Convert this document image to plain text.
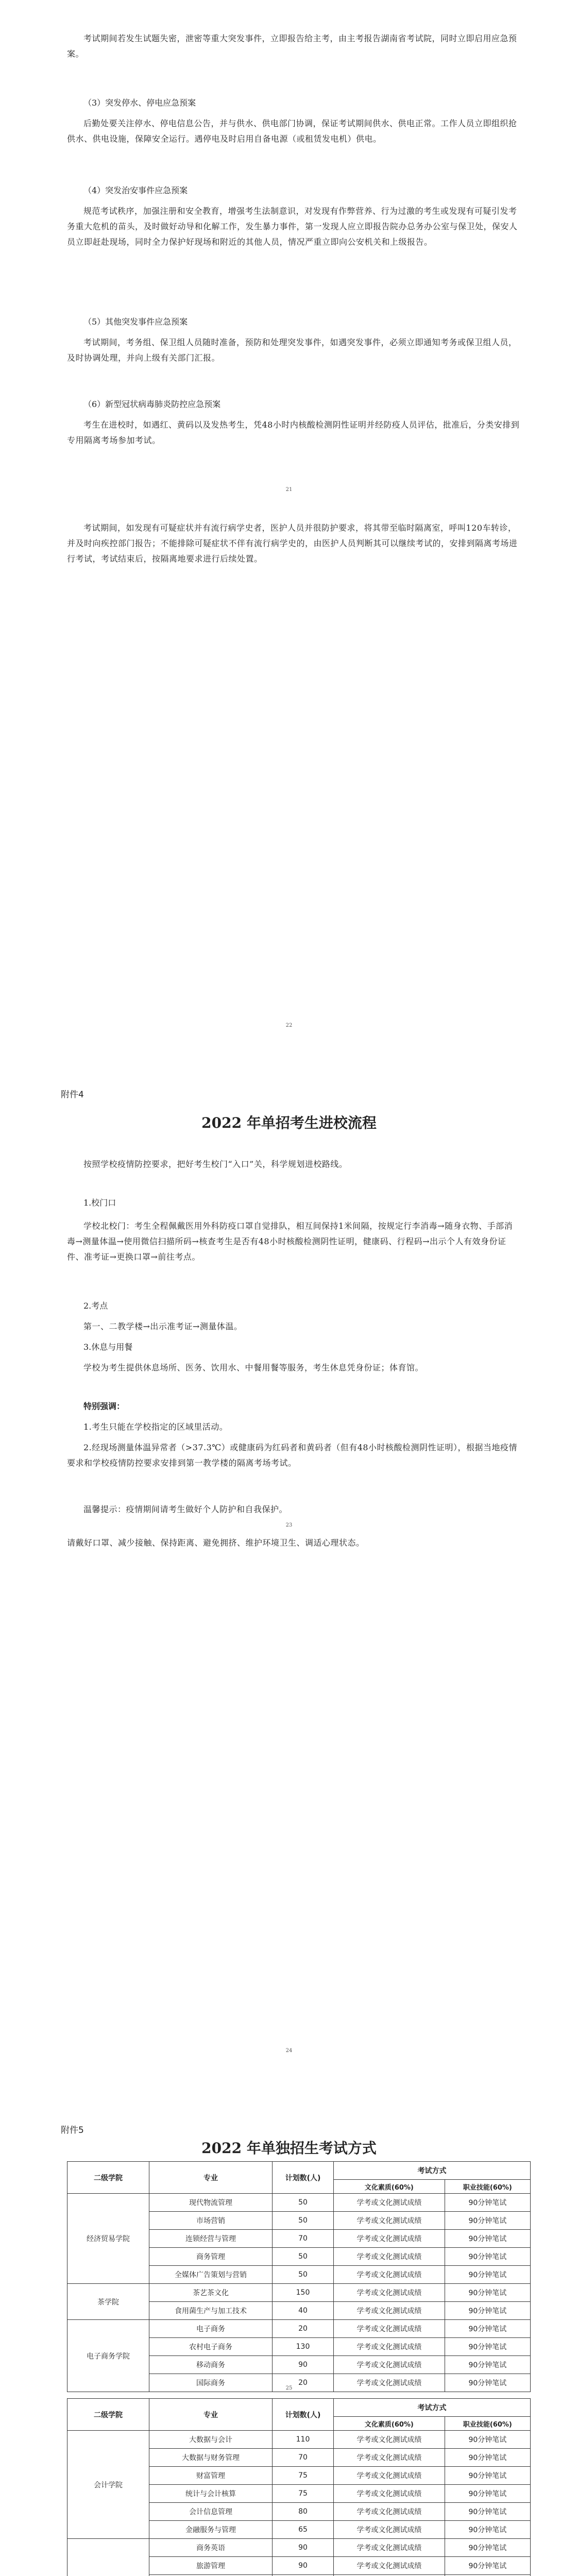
考试期间若发生试题失密，泄密等重大突发事件，立即报告给主考，由主考报告湖南省考试院，同时立即启用应急预案。

（3）突发停水、停电应急预案

后勤处要关注停水、停电信息公告，并与供水、供电部门协调，保证考试期间供水、供电正常。工作人员立即组织抢供水、供电设施，保障安全运行。遇停电及时启用自备电源（或租赁发电机）供电。

（4）突发治安事件应急预案

规范考试秩序，加强注册和安全教育，增强考生法制意识，对发现有作弊营养、行为过激的考生或发现有可疑引发考务重大危机的苗头，及时做好动导和化解工作，发生暴力事件，第一发现人应立即报告院办总务办公室与保卫处，保安人员立即赶赴现场，同时全力保护好现场和附近的其他人员，情况严重立即向公安机关和上级报告。

（5）其他突发事件应急预案

考试期间，考务组、保卫组人员随时准备，预防和处理突发事件，如遇突发事件，必须立即通知考务或保卫组人员，及时协调处理，并向上级有关部门汇报。

（6）新型冠状病毒肺炎防控应急预案

考生在进校时，如遇红、黄码以及发热考生，凭48小时内核酸检测阴性证明并经防疫人员评估，批准后，分类安排到专用隔离考场参加考试。

21

考试期间，如发现有可疑症状并有流行病学史者，医护人员并很防护要求，将其带至临时隔离室，呼叫120车转诊，并及时向疾控部门报告；不能排除可疑症状不伴有流行病学史的，由医护人员判断其可以继续考试的，安排到隔离考场进行考试，考试结束后，按隔离地要求进行后续处置。

22
附件4
2022 年单招考生进校流程

按照学校疫情防控要求，把好考生校门“入口”关，科学规划进校路线。

1.校门口

学校北校门：考生全程佩戴医用外科防疫口罩自觉排队，相互间保持1米间隔，按规定行李消毒→随身衣物、手部消毒→测量体温→使用微信扫描所码→核查考生是否有48小时核酸检测阴性证明，健康码、行程码→出示个人有效身份证件、准考证→更换口罩→前往考点。

2.考点

第一、二教学楼→出示准考证→测量体温。

3.休息与用餐

学校为考生提供休息场所、医务、饮用水、中餐用餐等服务，考生休息凭身份证；体育馆。

特别强调：

1.考生只能在学校指定的区域里活动。

2.经现场测量体温异常者（>37.3℃）或健康码为红码者和黄码者（但有48小时核酸检测阴性证明），根据当地疫情要求和学校疫情防控要求安排到第一教学楼的隔离考场考试。

温馨提示：疫情期间请考生做好个人防护和自我保护。

23

请戴好口罩、减少接触、保持距离、避免拥挤、维护环境卫生、调适心理状态。

24
附件5
2022 年单独招生考试方式
二级学院	专业	计划数(人)	考试方式	
			文化素质(60%)	职业技能(60%)
经济贸易学院	现代物流管理	50	学考或文化测试成绩	90分钟笔试
	市场营销	50	学考或文化测试成绩	90分钟笔试
	连锁经营与管理	70	学考或文化测试成绩	90分钟笔试
	商务管理	50	学考或文化测试成绩	90分钟笔试
	全媒体广告策划与营销	50	学考或文化测试成绩	90分钟笔试
茶学院	茶艺茶文化	150	学考或文化测试成绩	90分钟笔试
	食用菌生产与加工技术	40	学考或文化测试成绩	90分钟笔试
电子商务学院	电子商务	20	学考或文化测试成绩	90分钟笔试
	农村电子商务	130	学考或文化测试成绩	90分钟笔试
	移动商务	90	学考或文化测试成绩	90分钟笔试
	国际商务	20	学考或文化测试成绩	90分钟笔试
25
二级学院	专业	计划数(人)	考试方式	
			文化素质(60%)	职业技能(60%)
会计学院	大数据与会计	110	学考或文化测试成绩	90分钟笔试
	大数据与财务管理	70	学考或文化测试成绩	90分钟笔试
	财富管理	75	学考或文化测试成绩	90分钟笔试
	统计与会计核算	75	学考或文化测试成绩	90分钟笔试
	会计信息管理	80	学考或文化测试成绩	90分钟笔试
	金融服务与管理	65	学考或文化测试成绩	90分钟笔试
	商务英语	90	学考或文化测试成绩	90分钟笔试
	旅游管理	90	学考或文化测试成绩	90分钟笔试
